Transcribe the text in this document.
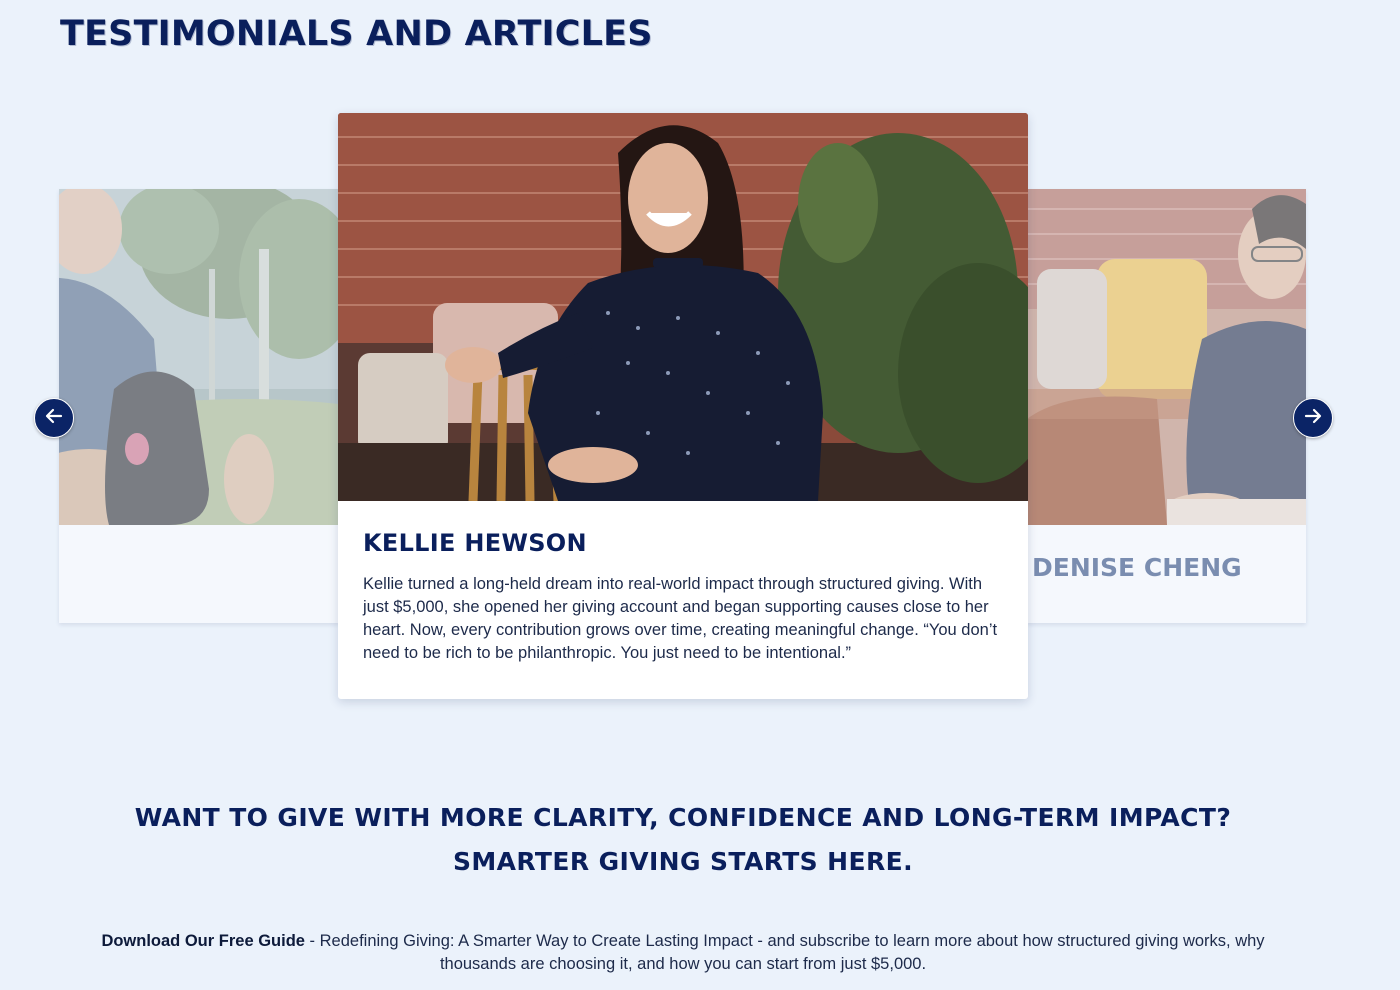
TESTIMONIALS AND ARTICLES
DENISE CHENG
KELLIE HEWSON

Kellie turned a long-held dream into real-world impact through structured giving. With just $5,000, she opened her giving account and began supporting causes close to her heart. Now, every contribution grows over time, creating meaningful change. “You don’t need to be rich to be philanthropic. You just need to be intentional.”

WANT TO GIVE WITH MORE CLARITY, CONFIDENCE AND LONG-TERM IMPACT?
SMARTER GIVING STARTS HERE.

Download Our Free Guide - Redefining Giving: A Smarter Way to Create Lasting Impact - and subscribe to learn more about how structured giving works, why thousands are choosing it, and how you can start from just $5,000.
